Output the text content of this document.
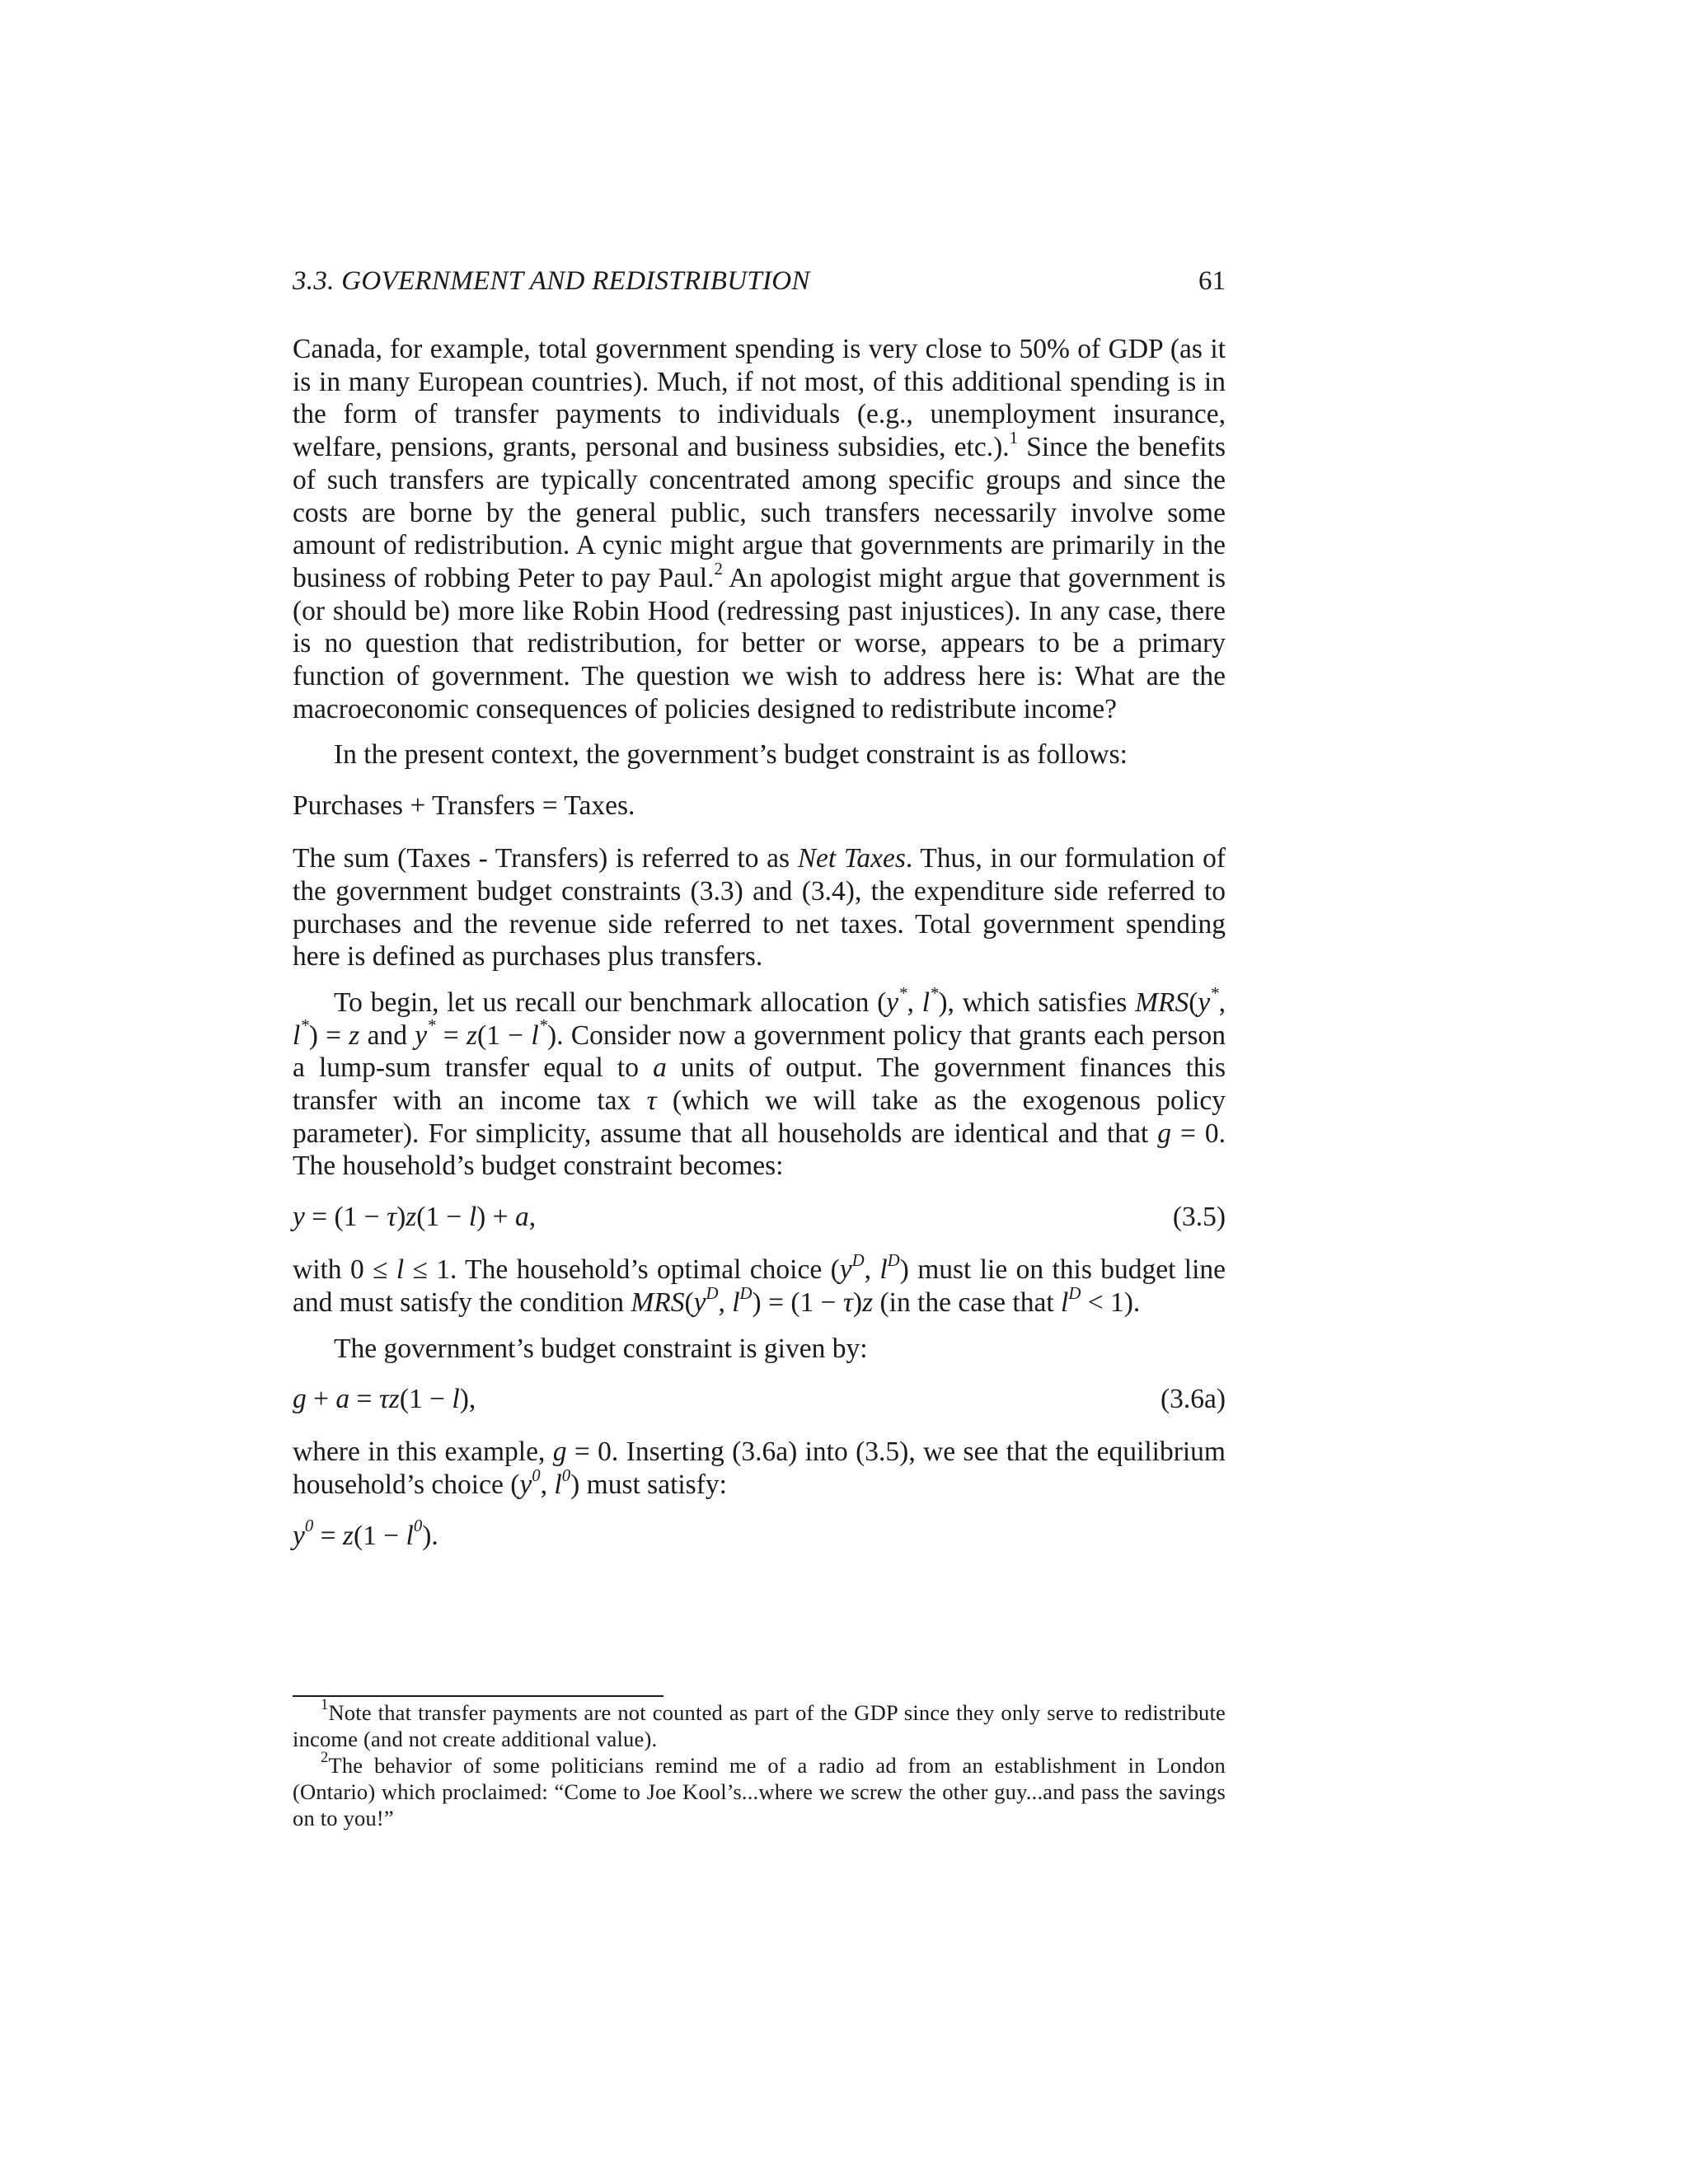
3.3. GOVERNMENT AND REDISTRIBUTION	61

Canada, for example, total government spending is very close to 50% of GDP (as it is in many European countries). Much, if not most, of this additional spending is in the form of transfer payments to individuals (e.g., unemployment insurance, welfare, pensions, grants, personal and business subsidies, etc.).$^1$ Since the benefits of such transfers are typically concentrated among specific groups and since the costs are borne by the general public, such transfers necessarily involve some amount of redistribution. A cynic might argue that governments are primarily in the business of robbing Peter to pay Paul.$^2$ An apologist might argue that government is (or should be) more like Robin Hood (redressing past injustices). In any case, there is no question that redistribution, for better or worse, appears to be a primary function of government. The question we wish to address here is: What are the macroeconomic consequences of policies designed to redistribute income?

In the present context, the government’s budget constraint is as follows:

Purchases + Transfers = Taxes.

The sum (Taxes - Transfers) is referred to as Net Taxes. Thus, in our formulation of the government budget constraints (3.3) and (3.4), the expenditure side referred to purchases and the revenue side referred to net taxes. Total government spending here is defined as purchases plus transfers.

To begin, let us recall our benchmark allocation (y*, l*), which satisfies MRS(y*, l*) = z and y* = z(1 − l*). Consider now a government policy that grants each person a lump-sum transfer equal to a units of output. The government finances this transfer with an income tax τ (which we will take as the exogenous policy parameter). For simplicity, assume that all households are identical and that g = 0. The household’s budget constraint becomes:

y = (1 − τ)z(1 − l) + a,	(3.5)

with 0 ≤ l ≤ 1. The household’s optimal choice ($y^D$, $l^D$) must lie on this budget line and must satisfy the condition $MRS(y^D$, $l^D) = (1 - \tau)z$ (in the case that $l^D < 1$).

The government’s budget constraint is given by:

g + a = τz(1 − l),	(3.6a)

where in this example, g = 0. Inserting (3.6a) into (3.5), we see that the equilibrium household’s choice ($y^0$, $l^0$) must satisfy:

$y^0 = z(1 - l^0)$.

$^1$Note that transfer payments are not counted as part of the GDP since they only serve to redistribute income (and not create additional value).

$^2$The behavior of some politicians remind me of a radio ad from an establishment in London (Ontario) which proclaimed: “Come to Joe Kool’s...where we screw the other guy...and pass the savings on to you!”
